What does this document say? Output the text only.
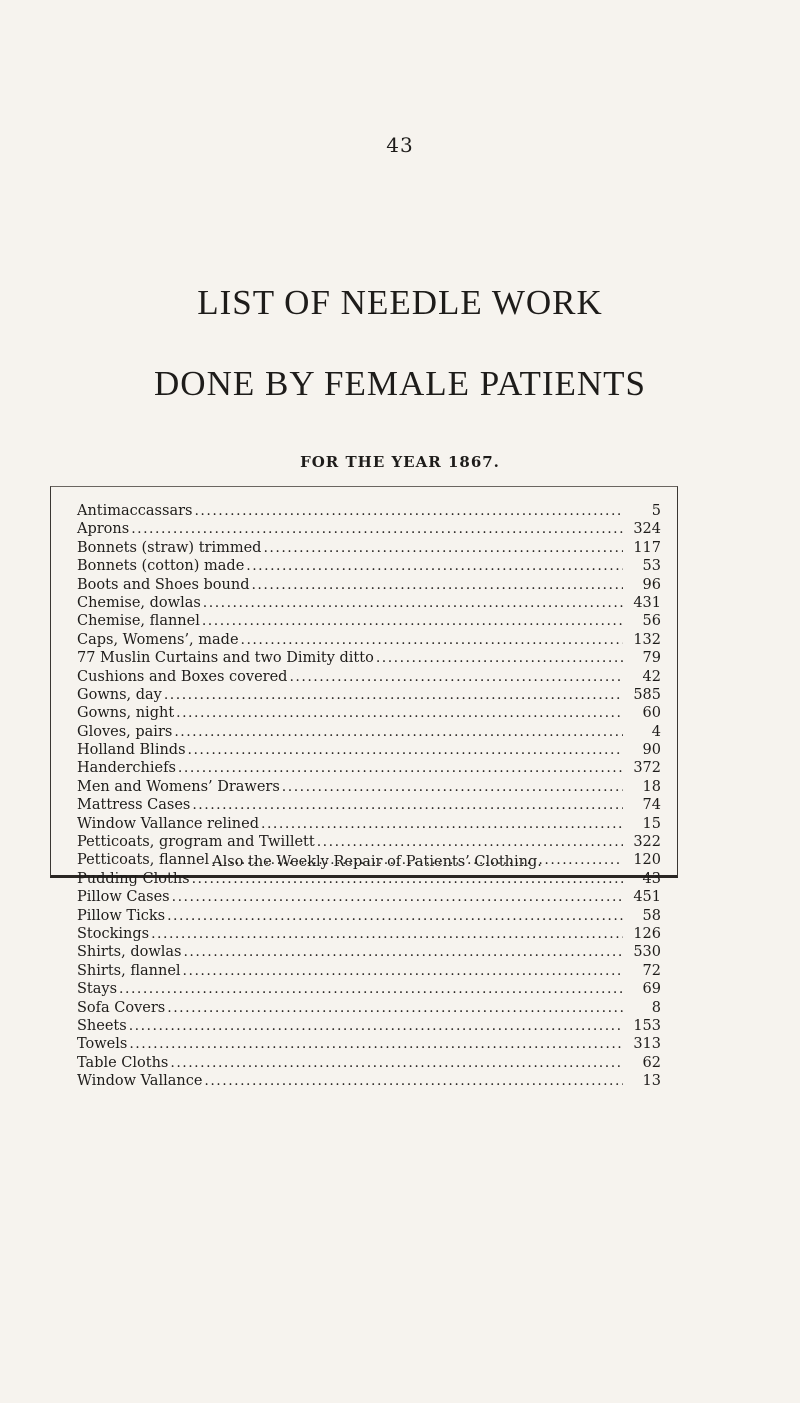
43
LIST OF NEEDLE WORK
DONE BY FEMALE PATIENTS
FOR THE YEAR 1867.
Antimaccassars .....	5
Aprons .....	324
Bonnets (straw) trimmed .....	117
Bonnets (cotton) made .....	53
Boots and Shoes bound .....	96
Chemise, dowlas .....	431
Chemise, flannel .....	56
Caps, Womens’, made .....	132
77 Muslin Curtains and two Dimity ditto .....	79
Cushions and Boxes covered .....	42
Gowns, day .....	585
Gowns, night .....	60
Gloves, pairs .....	4
Holland Blinds .....	90
Handerchiefs .....	372
Men and Womens’ Drawers .....	18
Mattress Cases .....	74
Window Vallance relined .....	15
Petticoats, grogram and Twillett .....	322
Petticoats, flannel .....	120
Pudding Cloths .....	43
Pillow Cases .....	451
Pillow Ticks .....	58
Stockings .....	126
Shirts, dowlas .....	530
Shirts, flannel .....	72
Stays .....	69
Sofa Covers .....	8
Sheets .....	153
Towels .....	313
Table Cloths .....	62
Window Vallance .....	13
Also the Weekly Repair of Patients’ Clothing.
